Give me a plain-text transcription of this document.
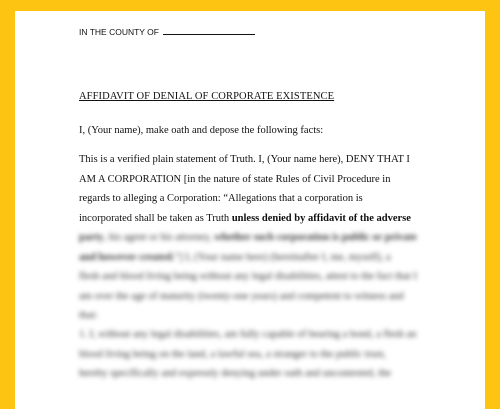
IN THE COUNTY OF
AFFIDAVIT OF DENIAL OF CORPORATE EXISTENCE
I, (Your name), make oath and depose the following facts:
This is a verified plain statement of Truth. I, (Your name here), DENY THAT I
AM A CORPORATION [in the nature of state Rules of Civil Procedure in
regards to alleging a Corporation: “Allegations that a corporation is
incorporated shall be taken as Truth unless denied by affidavit of the adverse
party, his agent or his attorney, whether such corporation is public or private
and however created.”] I, (Your name here) (hereinafter I, me, myself), a
flesh and blood living being without any legal disabilities, attest to the fact that I
am over the age of maturity (twenty-one years) and competent to witness and
that:
1. I, without any legal disabilities, am fully capable of bearing a bond, a flesh an
blood living being on the land, a lawful sea, a stranger to the public trust,
hereby specifically and expressly denying under oath and uncontested, the
